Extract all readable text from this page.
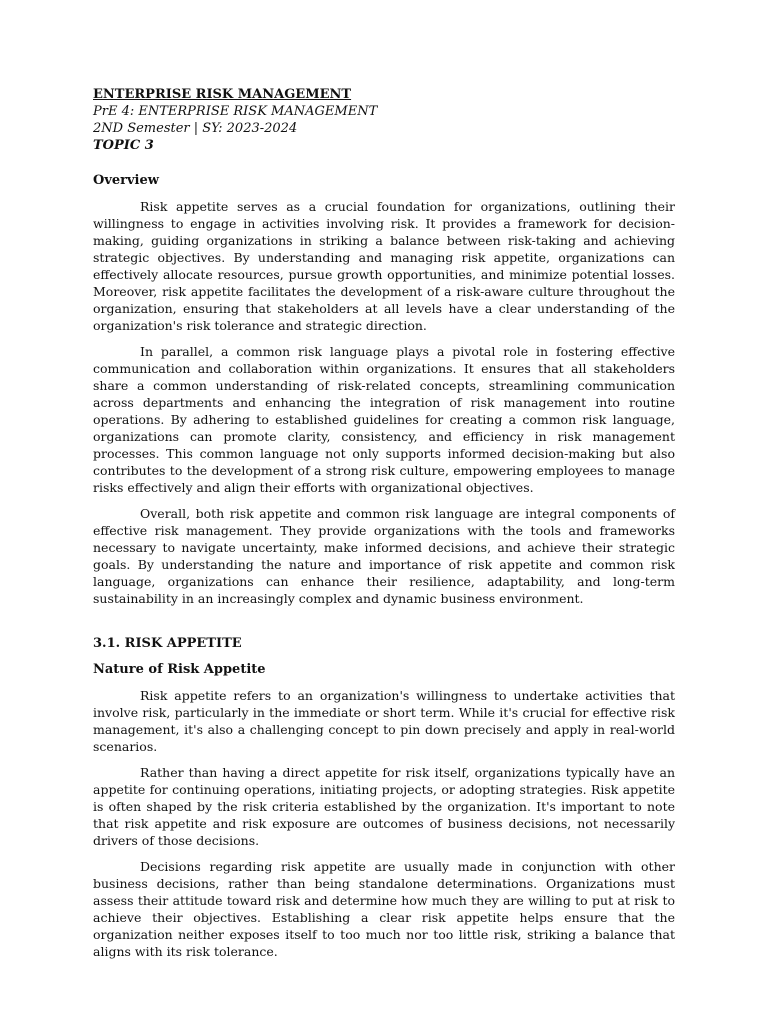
ENTERPRISE RISK MANAGEMENT

PrE 4: ENTERPRISE RISK MANAGEMENT

2ND Semester | SY: 2023-2024

TOPIC 3

Overview

Risk appetite serves as a crucial foundation for organizations, outlining their willingness to engage in activities involving risk. It provides a framework for decision-making, guiding organizations in striking a balance between risk-taking and achieving strategic objectives. By understanding and managing risk appetite, organizations can effectively allocate resources, pursue growth opportunities, and minimize potential losses. Moreover, risk appetite facilitates the development of a risk-aware culture throughout the organization, ensuring that stakeholders at all levels have a clear understanding of the organization's risk tolerance and strategic direction.

In parallel, a common risk language plays a pivotal role in fostering effective communication and collaboration within organizations. It ensures that all stakeholders share a common understanding of risk-related concepts, streamlining communication across departments and enhancing the integration of risk management into routine operations. By adhering to established guidelines for creating a common risk language, organizations can promote clarity, consistency, and efficiency in risk management processes. This common language not only supports informed decision-making but also contributes to the development of a strong risk culture, empowering employees to manage risks effectively and align their efforts with organizational objectives.

Overall, both risk appetite and common risk language are integral components of effective risk management. They provide organizations with the tools and frameworks necessary to navigate uncertainty, make informed decisions, and achieve their strategic goals. By understanding the nature and importance of risk appetite and common risk language, organizations can enhance their resilience, adaptability, and long-term sustainability in an increasingly complex and dynamic business environment.

3.1. RISK APPETITE
Nature of Risk Appetite

Risk appetite refers to an organization's willingness to undertake activities that involve risk, particularly in the immediate or short term. While it's crucial for effective risk management, it's also a challenging concept to pin down precisely and apply in real-world scenarios.

Rather than having a direct appetite for risk itself, organizations typically have an appetite for continuing operations, initiating projects, or adopting strategies. Risk appetite is often shaped by the risk criteria established by the organization. It's important to note that risk appetite and risk exposure are outcomes of business decisions, not necessarily drivers of those decisions.

Decisions regarding risk appetite are usually made in conjunction with other business decisions, rather than being standalone determinations. Organizations must assess their attitude toward risk and determine how much they are willing to put at risk to achieve their objectives. Establishing a clear risk appetite helps ensure that the organization neither exposes itself to too much nor too little risk, striking a balance that aligns with its risk tolerance.
